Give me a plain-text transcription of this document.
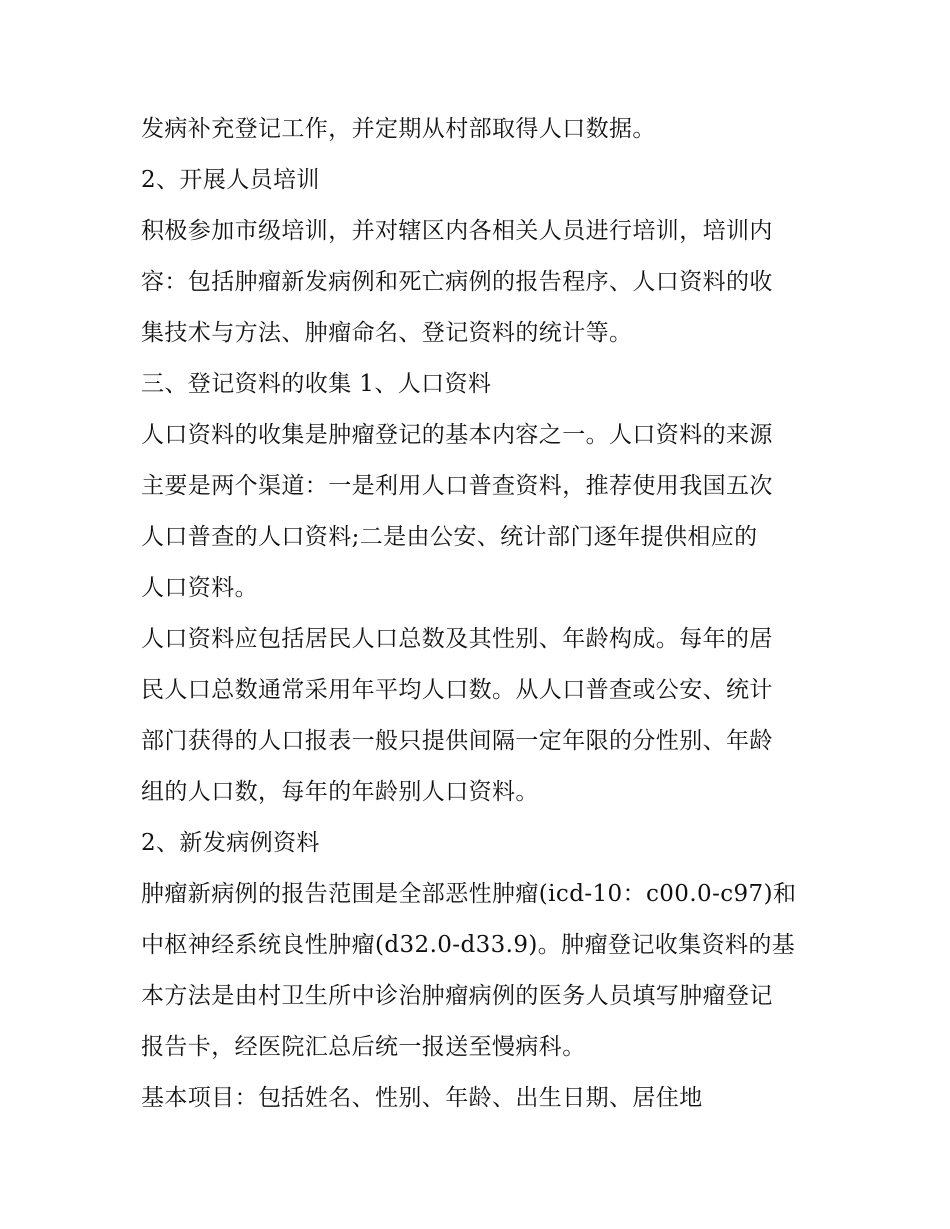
发病补充登记工作，并定期从村部取得人口数据。
2、开展人员培训
积极参加市级培训，并对辖区内各相关人员进行培训，培训内
容：包括肿瘤新发病例和死亡病例的报告程序、人口资料的收
集技术与方法、肿瘤命名、登记资料的统计等。
三、登记资料的收集 1、人口资料
人口资料的收集是肿瘤登记的基本内容之一。人口资料的来源
主要是两个渠道：一是利用人口普查资料，推荐使用我国五次
人口普查的人口资料;二是由公安、统计部门逐年提供相应的
人口资料。
人口资料应包括居民人口总数及其性别、年龄构成。每年的居
民人口总数通常采用年平均人口数。从人口普查或公安、统计
部门获得的人口报表一般只提供间隔一定年限的分性别、年龄
组的人口数，每年的年龄别人口资料。
2、新发病例资料
肿瘤新病例的报告范围是全部恶性肿瘤(icd-10：c00.0-c97)和
中枢神经系统良性肿瘤(d32.0-d33.9)。肿瘤登记收集资料的基
本方法是由村卫生所中诊治肿瘤病例的医务人员填写肿瘤登记
报告卡，经医院汇总后统一报送至慢病科。
基本项目：包括姓名、性别、年龄、出生日期、居住地
